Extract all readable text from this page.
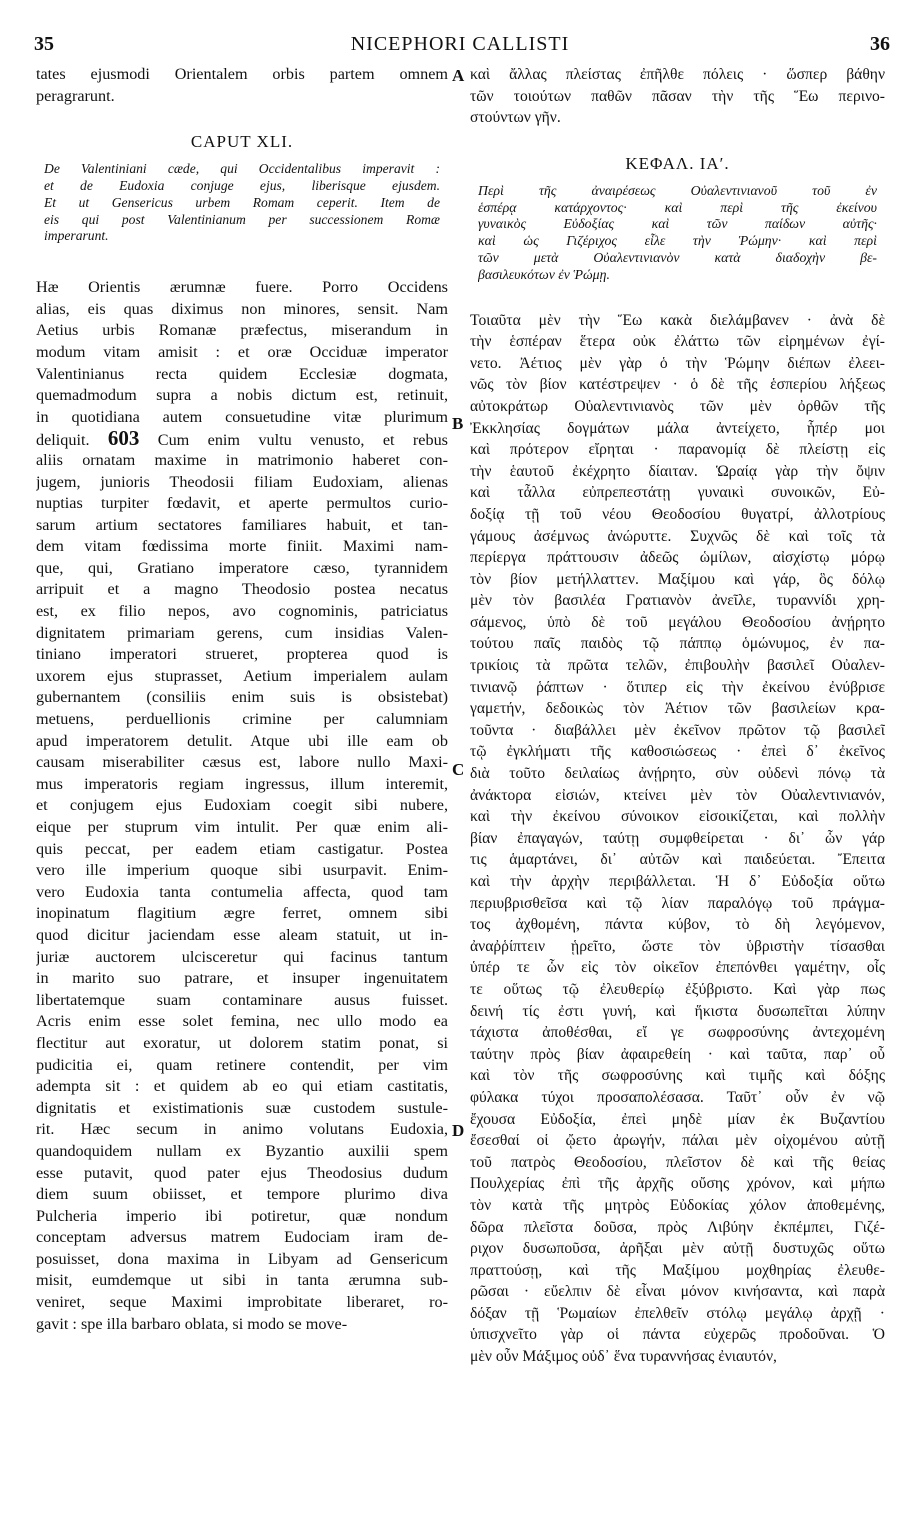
35	NICEPHORI CALLISTI	36
tates ejusmodi Orientalem orbis partem omnem
peragrarunt.
CAPUT XLI.
De Valentiniani cæde, qui Occidentalibus imperavit :
et de Eudoxia conjuge ejus, liberisque ejusdem.
Et ut Gensericus urbem Romam ceperit. Item de
eis qui post Valentinianum per successionem Romæ
imperarunt.
Hæ Orientis ærumnæ fuere. Porro Occidens
alias, eis quas diximus non minores, sensit. Nam
Aetius urbis Romanæ præfectus, miserandum in
modum vitam amisit : et oræ Occiduæ imperator
Valentinianus recta quidem Ecclesiæ dogmata,
quemadmodum supra a nobis dictum est, retinuit,
in quotidiana autem consuetudine vitæ plurimum
deliquit. 603 Cum enim vultu venusto, et rebus
aliis ornatam maxime in matrimonio haberet con-
jugem, junioris Theodosii filiam Eudoxiam, alienas
nuptias turpiter fœdavit, et aperte permultos curio-
sarum artium sectatores familiares habuit, et tan-
dem vitam fœdissima morte finiit. Maximi nam-
que, qui, Gratiano imperatore cæso, tyrannidem
arripuit et a magno Theodosio postea necatus
est, ex filio nepos, avo cognominis, patriciatus
dignitatem primariam gerens, cum insidias Valen-
tiniano imperatori strueret, propterea quod is
uxorem ejus stuprasset, Aetium imperialem aulam
gubernantem (consiliis enim suis is obsistebat)
metuens, perduellionis crimine per calumniam
apud imperatorem detulit. Atque ubi ille eam ob
causam miserabiliter cæsus est, labore nullo Maxi-
mus imperatoris regiam ingressus, illum interemit,
et conjugem ejus Eudoxiam coegit sibi nubere,
eique per stuprum vim intulit. Per quæ enim ali-
quis peccat, per eadem etiam castigatur. Postea
vero ille imperium quoque sibi usurpavit. Enim-
vero Eudoxia tanta contumelia affecta, quod tam
inopinatum flagitium ægre ferret, omnem sibi
quod dicitur jaciendam esse aleam statuit, ut in-
juriæ auctorem ulcisceretur qui facinus tantum
in marito suo patrare, et insuper ingenuitatem
libertatemque suam contaminare ausus fuisset.
Acris enim esse solet femina, nec ullo modo ea
flectitur aut exoratur, ut dolorem statim ponat, si
pudicitia ei, quam retinere contendit, per vim
adempta sit : et quidem ab eo qui etiam castitatis,
dignitatis et existimationis suæ custodem sustule-
rit. Hæc secum in animo volutans Eudoxia,
quandoquidem nullam ex Byzantio auxilii spem
esse putavit, quod pater ejus Theodosius dudum
diem suum obiisset, et tempore plurimo diva
Pulcheria imperio ibi potiretur, quæ nondum
conceptam adversus matrem Eudociam iram de-
posuisset, dona maxima in Libyam ad Gensericum
misit, eumdemque ut sibi in tanta ærumna sub-
veniret, seque Maximi improbitate liberaret, ro-
gavit : spe illa barbaro oblata, si modo se move-
καὶ ἄλλας πλείστας ἐπῆλθε πόλεις · ὥσπερ βάθην
τῶν τοιούτων παθῶν πᾶσαν τὴν τῆς Ἕω περινο-
στούντων γῆν.
ΚΕΦΑΛ. ΙΑʹ.
Περὶ τῆς ἀναιρέσεως Οὐαλεντινιανοῦ τοῦ ἐν
ἑσπέρᾳ κατάρχοντος· καὶ περὶ τῆς ἐκείνου
γυναικὸς Εὐδοξίας καὶ τῶν παίδων αὐτῆς·
καὶ ὡς Γιζέριχος εἷλε τὴν Ῥώμην· καὶ περὶ
τῶν μετὰ Οὐαλεντινιανὸν κατὰ διαδοχὴν βε-
βασιλευκότων ἐν Ῥώμῃ.
Τοιαῦτα μὲν τὴν Ἕω κακὰ διελάμβανεν · ἀνὰ δὲ
τὴν ἑσπέραν ἕτερα οὐκ ἐλάττω τῶν εἰρημένων ἐγί-
νετο. Ἀέτιος μὲν γὰρ ὁ τὴν Ῥώμην διέπων ἐλεει-
νῶς τὸν βίον κατέστρεψεν · ὁ δὲ τῆς ἑσπερίου λήξεως
αὐτοκράτωρ Οὐαλεντινιανὸς τῶν μὲν ὀρθῶν τῆς
Ἐκκλησίας δογμάτων μάλα ἀντείχετο, ἧπέρ μοι
καὶ πρότερον εἴρηται · παρανομίᾳ δὲ πλείστῃ εἰς
τὴν ἑαυτοῦ ἐκέχρητο δίαιταν. Ὡραίᾳ γὰρ τὴν ὄψιν
καὶ τἆλλα εὐπρεπεστάτῃ γυναικὶ συνοικῶν, Εὐ-
δοξίᾳ τῇ τοῦ νέου Θεοδοσίου θυγατρί, ἀλλοτρίους
γάμους ἀσέμνως ἀνώρυττε. Συχνῶς δὲ καὶ τοῖς τὰ
περίεργα πράττουσιν ἀδεῶς ὡμίλων, αἰσχίστῳ μόρῳ
τὸν βίον μετήλλαττεν. Μαξίμου καὶ γάρ, ὃς δόλῳ
μὲν τὸν βασιλέα Γρατιανὸν ἀνεῖλε, τυραννίδι χρη-
σάμενος, ὑπὸ δὲ τοῦ μεγάλου Θεοδοσίου ἀνῄρητο
τούτου παῖς παιδὸς τῷ πάππῳ ὁμώνυμος, ἐν πα-
τρικίοις τὰ πρῶτα τελῶν, ἐπιβουλὴν βασιλεῖ Οὐαλεν-
τινιανῷ ῥάπτων · ὅτιπερ εἰς τὴν ἐκείνου ἐνύβρισε
γαμετήν, δεδοικὼς τὸν Ἀέτιον τῶν βασιλείων κρα-
τοῦντα · διαβάλλει μὲν ἐκεῖνον πρῶτον τῷ βασιλεῖ
τῷ ἐγκλήματι τῆς καθοσιώσεως · ἐπεὶ δ᾽ ἐκεῖνος
διὰ τοῦτο δειλαίως ἀνῄρητο, σὺν οὐδενὶ πόνῳ τὰ
ἀνάκτορα εἰσιών, κτείνει μὲν τὸν Οὐαλεντινιανόν,
καὶ τὴν ἐκείνου σύνοικον εἰσοικίζεται, καὶ πολλὴν
βίαν ἐπαγαγών, ταύτῃ συμφθείρεται · δι᾽ ὧν γάρ
τις ἁμαρτάνει, δι᾽ αὐτῶν καὶ παιδεύεται. Ἔπειτα
καὶ τὴν ἀρχὴν περιβάλλεται. Ἡ δ᾽ Εὐδοξία οὕτω
περιυβρισθεῖσα καὶ τῷ λίαν παραλόγῳ τοῦ πράγμα-
τος ἀχθομένη, πάντα κύβον, τὸ δὴ λεγόμενον,
ἀναῤῥίπτειν ᾑρεῖτο, ὥστε τὸν ὑβριστὴν τίσασθαι
ὑπέρ τε ὧν εἰς τὸν οἰκεῖον ἐπεπόνθει γαμέτην, οἷς
τε οὕτως τῷ ἐλευθερίῳ ἐξύβριστο. Καὶ γὰρ πως
δεινή τίς ἐστι γυνή, καὶ ἥκιστα δυσωπεῖται λύπην
τάχιστα ἀποθέσθαι, εἴ γε σωφροσύνης ἀντεχομένη
ταύτην πρὸς βίαν ἀφαιρεθείη · καὶ ταῦτα, παρ᾽ οὗ
καὶ τὸν τῆς σωφροσύνης καὶ τιμῆς καὶ δόξης
φύλακα τύχοι προσαπολέσασα. Ταῦτ᾽ οὖν ἐν νῷ
ἔχουσα Εὐδοξία, ἐπεὶ μηδὲ μίαν ἐκ Βυζαντίου
ἔσεσθαί οἱ ᾤετο ἀρωγήν, πάλαι μὲν οἰχομένου αὐτῇ
τοῦ πατρὸς Θεοδοσίου, πλεῖστον δὲ καὶ τῆς θείας
Πουλχερίας ἐπὶ τῆς ἀρχῆς οὔσης χρόνον, καὶ μήπω
τὸν κατὰ τῆς μητρὸς Εὐδοκίας χόλον ἀποθεμένης,
δῶρα πλεῖστα δοῦσα, πρὸς Λιβύην ἐκπέμπει, Γιζέ-
ριχον δυσωποῦσα, ἀρῆξαι μὲν αὐτῇ δυστυχῶς οὕτω
πραττούσῃ, καὶ τῆς Μαξίμου μοχθηρίας ἐλευθε-
ρῶσαι · εὔελπιν δὲ εἶναι μόνον κινήσαντα, καὶ παρὰ
δόξαν τῇ Ῥωμαίων ἐπελθεῖν στόλῳ μεγάλῳ ἀρχῇ ·
ὑπισχνεῖτο γὰρ οἱ πάντα εὐχερῶς προδοῦναι. Ὁ
μὲν οὖν Μάξιμος οὐδ᾽ ἕνα τυραννήσας ἐνιαυτόν,
A
B
C
D
